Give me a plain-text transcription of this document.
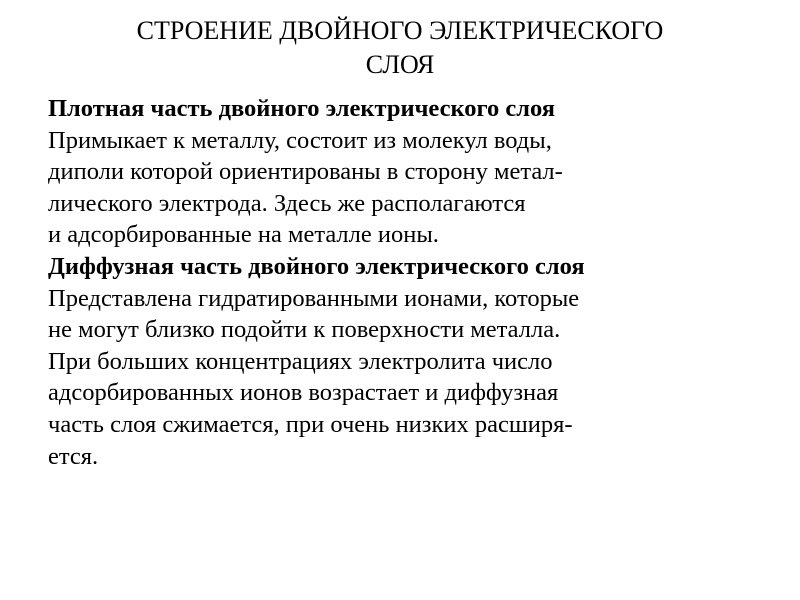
СТРОЕНИЕ ДВОЙНОГО ЭЛЕКТРИЧЕСКОГО
СЛОЯ
Плотная часть двойного электрического слоя
Примыкает к металлу, состоит из молекул воды,
диполи которой ориентированы в сторону метал-
лического электрода. Здесь же располагаются
и адсорбированные на металле ионы.
Диффузная часть двойного электрического слоя
Представлена гидратированными ионами, которые
не могут близко подойти к поверхности металла.
При больших концентрациях электролита число
адсорбированных ионов возрастает и диффузная
часть слоя сжимается, при очень низких расширя-
ется.
